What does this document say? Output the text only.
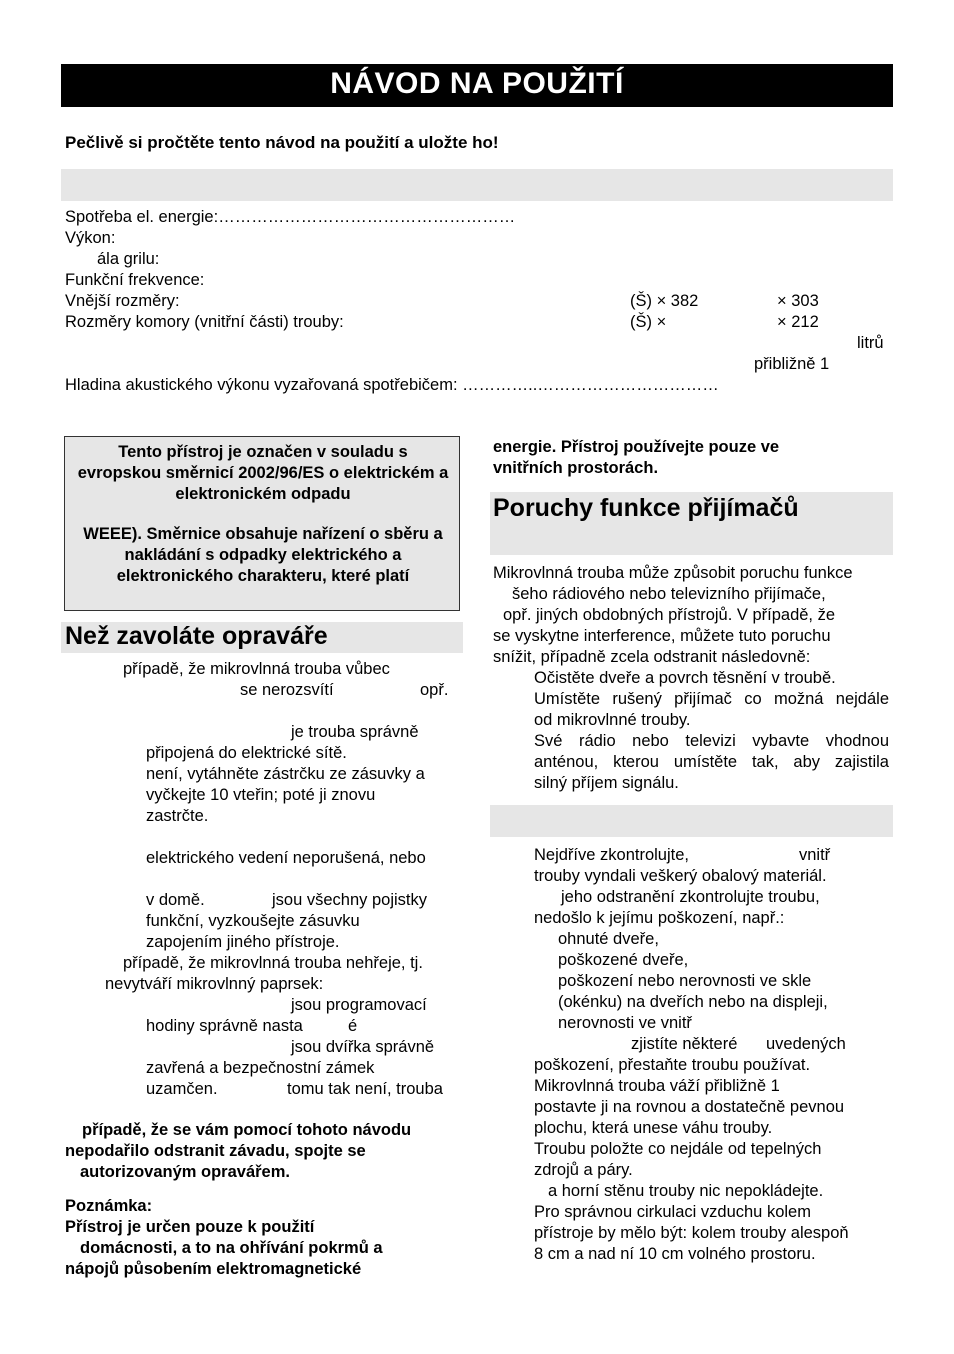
NÁVOD NA POUŽITÍ
Pečlivě si pročtěte tento návod na použití a uložte ho!
Spotřeba el. energie:………………………………………………
Výkon:
ála grilu:
Funkční frekvence:
Vnější rozměry:	(Š) × 382	× 303
Rozměry komory (vnitřní části) trouby:	(Š) ×	× 212
litrů
přibližně 1
Hladina akustického výkonu vyzařovaná spotřebičem: …………..……………………………
Tento přístroj je označen v souladu s evropskou směrnicí 2002/96/ES o elektrickém a elektronickém odpadu
WEEE). Směrnice obsahuje nařízení o sběru a nakládání s odpadky elektrického a elektronického charakteru, které platí
Než zavoláte opraváře
případě, že mikrovlnná trouba vůbec
se nerozsvítí	opř.
je trouba správně
připojená do elektrické sítě.
není, vytáhněte zástrčku ze zásuvky a
vyčkejte 10 vteřin; poté ji znovu
zastrčte.
elektrického vedení neporušená, nebo
v domě.	jsou všechny pojistky
funkční, vyzkoušejte zásuvku
zapojením jiného přístroje.
případě, že mikrovlnná trouba nehřeje, tj.
nevytváří mikrovlnný paprsek:
jsou programovací
hodiny správně nasta	é
jsou dvířka správně
zavřená a bezpečnostní zámek
uzamčen.	tomu tak není, trouba
případě, že se vám pomocí tohoto návodu
nepodařilo odstranit závadu, spojte se
autorizovaným opravářem.
Poznámka:
Přístroj je určen pouze k použití
domácnosti, a to na ohřívání pokrmů a
nápojů působením elektromagnetické
energie. Přístroj používejte pouze ve
vnitřních prostorách.
Poruchy funkce přijímačů
Mikrovlnná trouba může způsobit poruchu funkce
šeho rádiového nebo televizního přijímače,
opř. jiných obdobných přístrojů. V případě, že
se vyskytne interference, můžete tuto poruchu
snížit, případně zcela odstranit následovně:
Očistěte dveře a povrch těsnění v troubě.
Umístěte rušený přijímač co možná nejdále
od mikrovlnné trouby.
Své rádio nebo televizi vybavte vhodnou
anténou, kterou umístěte tak, aby zajistila
silný příjem signálu.
Nejdříve zkontrolujte,	vnitř
trouby vyndali veškerý obalový materiál.
jeho odstranění zkontrolujte troubu,
nedošlo k jejímu poškození, např.:
ohnuté dveře,
poškozené dveře,
poškození nebo nerovnosti ve skle
(okénku) na dveřích nebo na displeji,
nerovnosti ve vnitř
zjistíte některé uvedených
poškození, přestaňte troubu používat.
Mikrovlnná trouba váží přibližně 1
postavte ji na rovnou a dostatečně pevnou
plochu, která unese váhu trouby.
Troubu položte co nejdále od tepelných
zdrojů a páry.
a horní stěnu trouby nic nepokládejte.
Pro správnou cirkulaci vzduchu kolem
přístroje by mělo být: kolem trouby alespoň
8 cm a nad ní 10 cm volného prostoru.
